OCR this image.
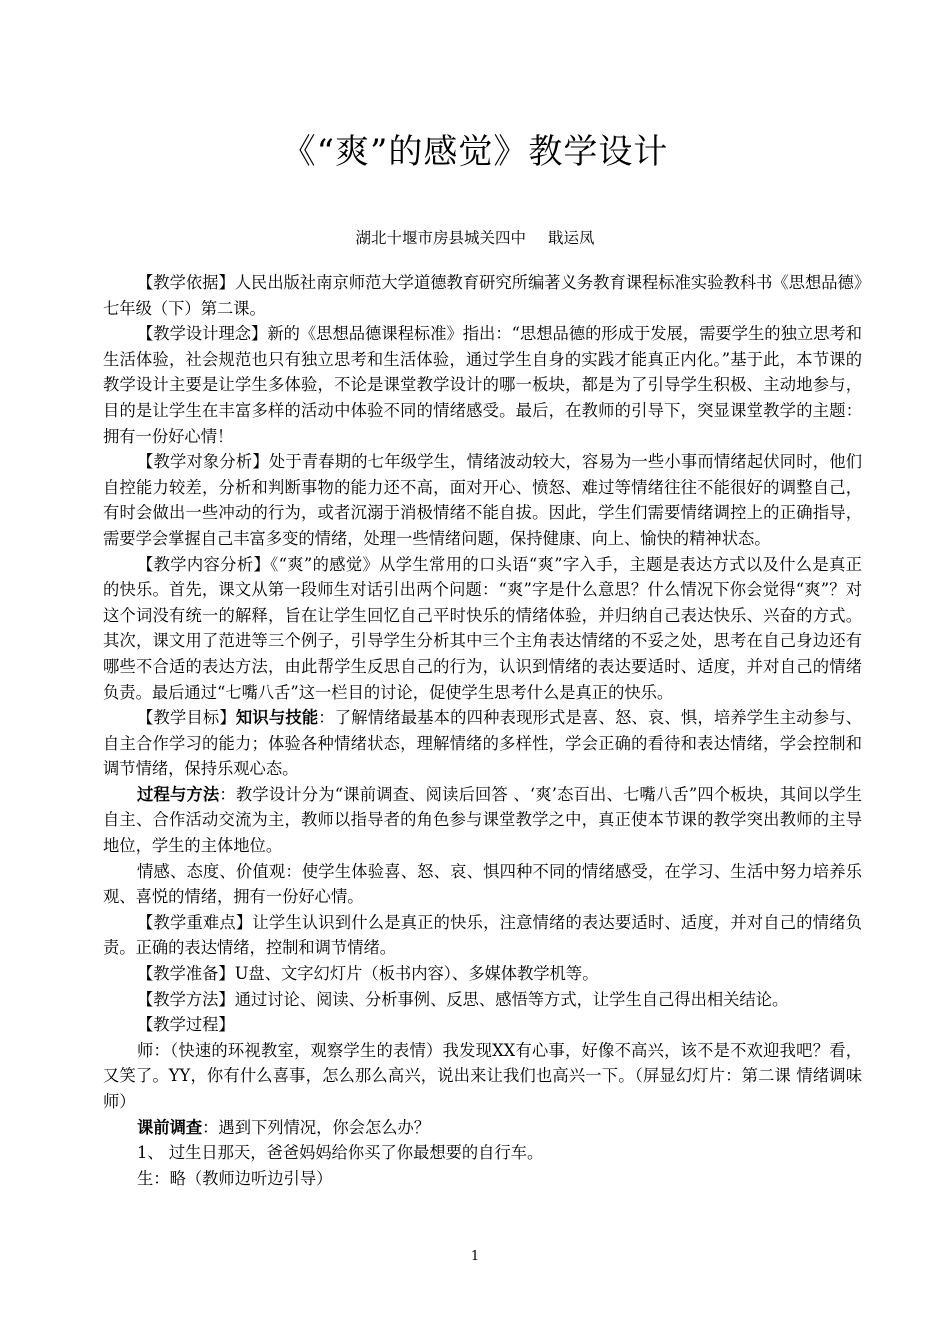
《“爽”的感觉》教学设计
湖北十堰市房县城关四中 戢运凤

【教学依据】人民出版社南京师范大学道德教育研究所编著义务教育课程标准实验教科书《思想品德》七年级（下）第二课。

【教学设计理念】新的《思想品德课程标准》指出：“思想品德的形成于发展，需要学生的独立思考和生活体验，社会规范也只有独立思考和生活体验，通过学生自身的实践才能真正内化。”基于此，本节课的教学设计主要是让学生多体验，不论是课堂教学设计的哪一板块，都是为了引导学生积极、主动地参与，目的是让学生在丰富多样的活动中体验不同的情绪感受。最后，在教师的引导下，突显课堂教学的主题：拥有一份好心情！

【教学对象分析】处于青春期的七年级学生，情绪波动较大，容易为一些小事而情绪起伏同时，他们自控能力较差，分析和判断事物的能力还不高，面对开心、愤怒、难过等情绪往往不能很好的调整自己，有时会做出一些冲动的行为，或者沉溺于消极情绪不能自拔。因此，学生们需要情绪调控上的正确指导，需要学会掌握自己丰富多变的情绪，处理一些情绪问题，保持健康、向上、愉快的精神状态。

【教学内容分析】《“爽”的感觉》从学生常用的口头语“爽”字入手，主题是表达方式以及什么是真正的快乐。首先，课文从第一段师生对话引出两个问题：“爽”字是什么意思？什么情况下你会觉得“爽”？对这个词没有统一的解释，旨在让学生回忆自己平时快乐的情绪体验，并归纳自己表达快乐、兴奋的方式。其次，课文用了范进等三个例子，引导学生分析其中三个主角表达情绪的不妥之处，思考在自己身边还有哪些不合适的表达方法，由此帮学生反思自己的行为，认识到情绪的表达要适时、适度，并对自己的情绪负责。最后通过“七嘴八舌”这一栏目的讨论，促使学生思考什么是真正的快乐。

【教学目标】知识与技能：了解情绪最基本的四种表现形式是喜、怒、哀、惧，培养学生主动参与、自主合作学习的能力；体验各种情绪状态，理解情绪的多样性，学会正确的看待和表达情绪，学会控制和调节情绪，保持乐观心态。

过程与方法：教学设计分为“课前调查、阅读后回答 、‘爽’态百出、七嘴八舌”四个板块，其间以学生自主、合作活动交流为主，教师以指导者的角色参与课堂教学之中，真正使本节课的教学突出教师的主导地位，学生的主体地位。

情感、态度、价值观：使学生体验喜、怒、哀、惧四种不同的情绪感受，在学习、生活中努力培养乐观、喜悦的情绪，拥有一份好心情。

【教学重难点】让学生认识到什么是真正的快乐，注意情绪的表达要适时、适度，并对自己的情绪负责。正确的表达情绪，控制和调节情绪。

【教学准备】U盘、文字幻灯片（板书内容）、多媒体教学机等。

【教学方法】通过讨论、阅读、分析事例、反思、感悟等方式，让学生自己得出相关结论。

【教学过程】

师：（快速的环视教室，观察学生的表情）我发现XX有心事，好像不高兴，该不是不欢迎我吧？看，又笑了。YY，你有什么喜事，怎么那么高兴，说出来让我们也高兴一下。（屏显幻灯片：第二课 情绪调味师）

课前调查：遇到下列情况，你会怎么办？

1、 过生日那天，爸爸妈妈给你买了你最想要的自行车。

生：略（教师边听边引导）

1
